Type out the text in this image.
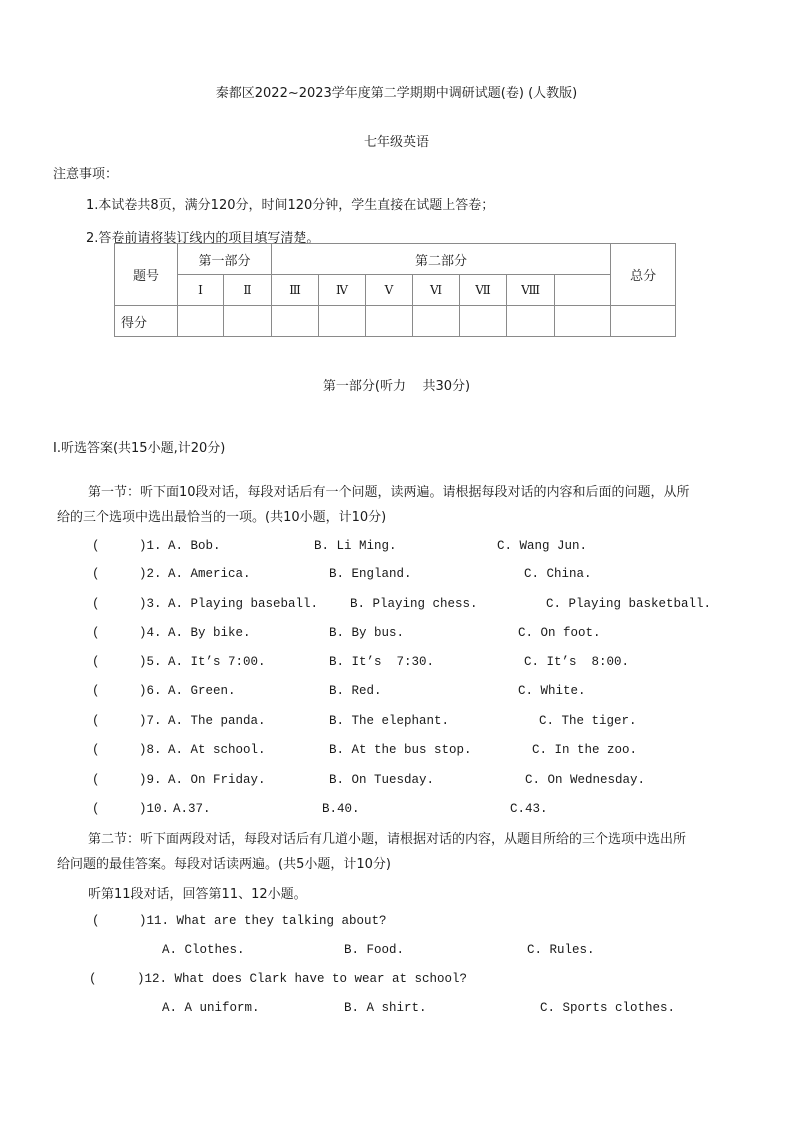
秦都区2022~2023学年度第二学期期中调研试题(卷) (人教版)
七年级英语
注意事项：
1.本试卷共8页，满分120分，时间120分钟，学生直接在试题上答卷；
2.答卷前请将装订线内的项目填写清楚。
题号	第一部分		第二部分							总分
	I	Ⅱ	Ⅲ	Ⅳ	Ⅴ	Ⅵ	Ⅶ	Ⅷ		
得分										
第一部分(听力    共30分)
Ⅰ.听选答案(共15小题,计20分)
第一节：听下面10段对话，每段对话后有一个问题，读两遍。请根据每段对话的内容和后面的问题，从所
给的三个选项中选出最恰当的一项。(共10小题，计10分)
(	)1. A. Bob.	B. Li Ming.	C. Wang Jun.
(	)2. A. America.	B. England.	C. China.
(	)3. A. Playing baseball.	B. Playing chess.	C. Playing basketball.
(	)4. A. By bike.	B. By bus.	C. On foot.
(	)5. A. It’s 7:00.	B. It’s  7:30.	C. It’s  8:00.
(	)6. A. Green.	B. Red.	C. White.
(	)7. A. The panda.	B. The elephant.	C. The tiger.
(	)8. A. At school.	B. At the bus stop.	C. In the zoo.
(	)9. A. On Friday.	B. On Tuesday.	C. On Wednesday.
(	)10. A.37.	B.40.	C.43.
第二节：听下面两段对话，每段对话后有几道小题，请根据对话的内容，从题目所给的三个选项中选出所
给问题的最佳答案。每段对话读两遍。(共5小题，计10分)
听第11段对话，回答第11、12小题。
(	)11. What are they talking about?
A. Clothes.	B. Food.	C. Rules.
(	)12. What does Clark have to wear at school?
A. A uniform.	B. A shirt.	C. Sports clothes.
